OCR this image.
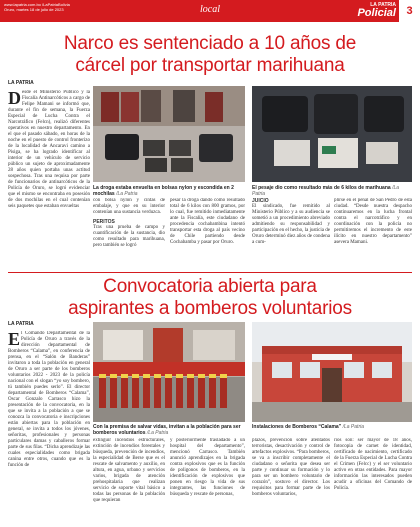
www.lapatria.com.bo /LaPatriaBolivia
Oruro, martes 18 de julio de 2023	local	LA PATRIA
Policial 3
Narco es sentenciado a 10 años de
cárcel por transportar marihuana
LA PATRIA
D esde el Ministerio Público y la Fiscalía Antinarcóticos a cargo de Felipe Mamani se informó que, durante el fin de semana, la Fuerza Especial de Lucha Contra el Narcotráfico (Felcn), realizó diferentes operativos en nuestro departamento. En el que el pasado sábado, en horas de la noche en el puesto de control fronterizo de la localidad de Ancaravi camino a Pisiga, se ha logrado identificar al interior de un vehículo de servicio público un sujeto de aproximadamente 28 años quien portaba unas actitud sospechosa. Tras una requisa por parte de funcionarios de antinarcóticos de la Policía de Oruro, se logró evidenciar que el mismo se encontraba en posesión de dos mochilas en el cual contenían seis paquetes que estaban envueltas
La droga estaba envuelta en bolsas nylon y escondida en 2 mochilas /La Patria
El pesaje dio como resultado más de 6 kilos de marihuana /La Patria

con bolsa nylon y cintas de embalaje, y que en su interior contenían una sustancia verduzca.

PERITOS

Tras una prueba de campo y cuantificación de la sustancia, dio como resultado para marihuana, pero también se logró

pesar la droga dando como resultado total de 6 kilos con 800 gramos, por lo cual, fue remitido inmediatamente ante la Fiscalía, este ciudadano de procedencia cochabambina intentó transportar esta droga al país vecino de Chile partiendo desde Cochabamba y pasar por Oruro.

JUICIO

El sindicado, fue remitido al Ministerio Público y a su audiencia se sometió a un procedimiento abreviado admitiendo su responsabilidad y participación en el hecho, la justicia de Oruro determinó diez años de condena a cum-

plirse en el penal de San Pedro de esta ciudad. “Desde nuestra despacho continuaremos en la lucha frontal contra el narcotráfico y en coordinación con la policía no permitiremos el incremento de este ilícito en nuestro departamento” asevera Mamani.

Convocatoria abierta para
aspirantes a bomberos voluntarios
LA PATRIA
E l Comando Departamental de la Policía de Oruro a través de la dirección departamental de Bomberos “Calama”, en conferencia de prensa, en el “Salón de Banderas” invitaron a toda la población en general de Oruro a ser parte de los bomberos voluntarios 2022 - 2023 de la policía nacional con el slogan “yo soy bombero, tú también puedes serlo”. El director departamental de Bomberos “Calama”, Oscar Gonzalo Carrasco hizo la presentación de la convocatoria, en la que se invita a la población a que se conozca la convocatoria e inscripciones están abiertas para la población en general, se invita a todos los jóvenes, señoritas, profesionales y personas particulares damas y caballeros formar parte de sus filas. “Dicha aprendizaje las cuales especialidades como brigada canina entre otros, cuando que es la función de
Con la premisa de salvar vidas, invitan a la población para ser bomberos voluntarios /La Patria
Instalaciones de Bomberos “Calama” /La Patria

extinguir incendios estructurales, extinción de incendios forestales y búsqueda, prevención de incendios, la especialidad de Berse que es el rescate de salvamento y auxilio, en altura, en agua, urbano y servicios varios, brigada de atención prehospitalaria que realizan servicio de soporte vital básico a todas las personas de la población que requieran

y posteriormente trasladado a un hospital del departamento”, mencionó Carrasco. También anunció aprendizajes en la brigada contra explosivos que es la función de poligonos de bomberos, en la identificación de explosivos que ponen en riesgo la vida de sus integrantes, las funciones de búsqueda y rescate de personas,

plazos, prevención sobre atentados terroristas, desactivación y control de artefactos explosivos. “Para bomberos, se va a inscribir completamente el ciudadano o señorita que desea ser parte y continuar su formación y lo para ser un bombero voluntario de corazón”, sostuvo el director. Los requisitos para formar parte de los bomberos voluntarios,

rios son: ser mayor de 18 años, fotocopia de carnet de identidad, certificado de nacimiento, certificado de la Fuerza Especial de Lucha Contra el Crimen (Felcc) y el ser voluntario activo en otras entidades. Para mayor información las interesados pueden acudir a oficinas del Comando de Policía.
